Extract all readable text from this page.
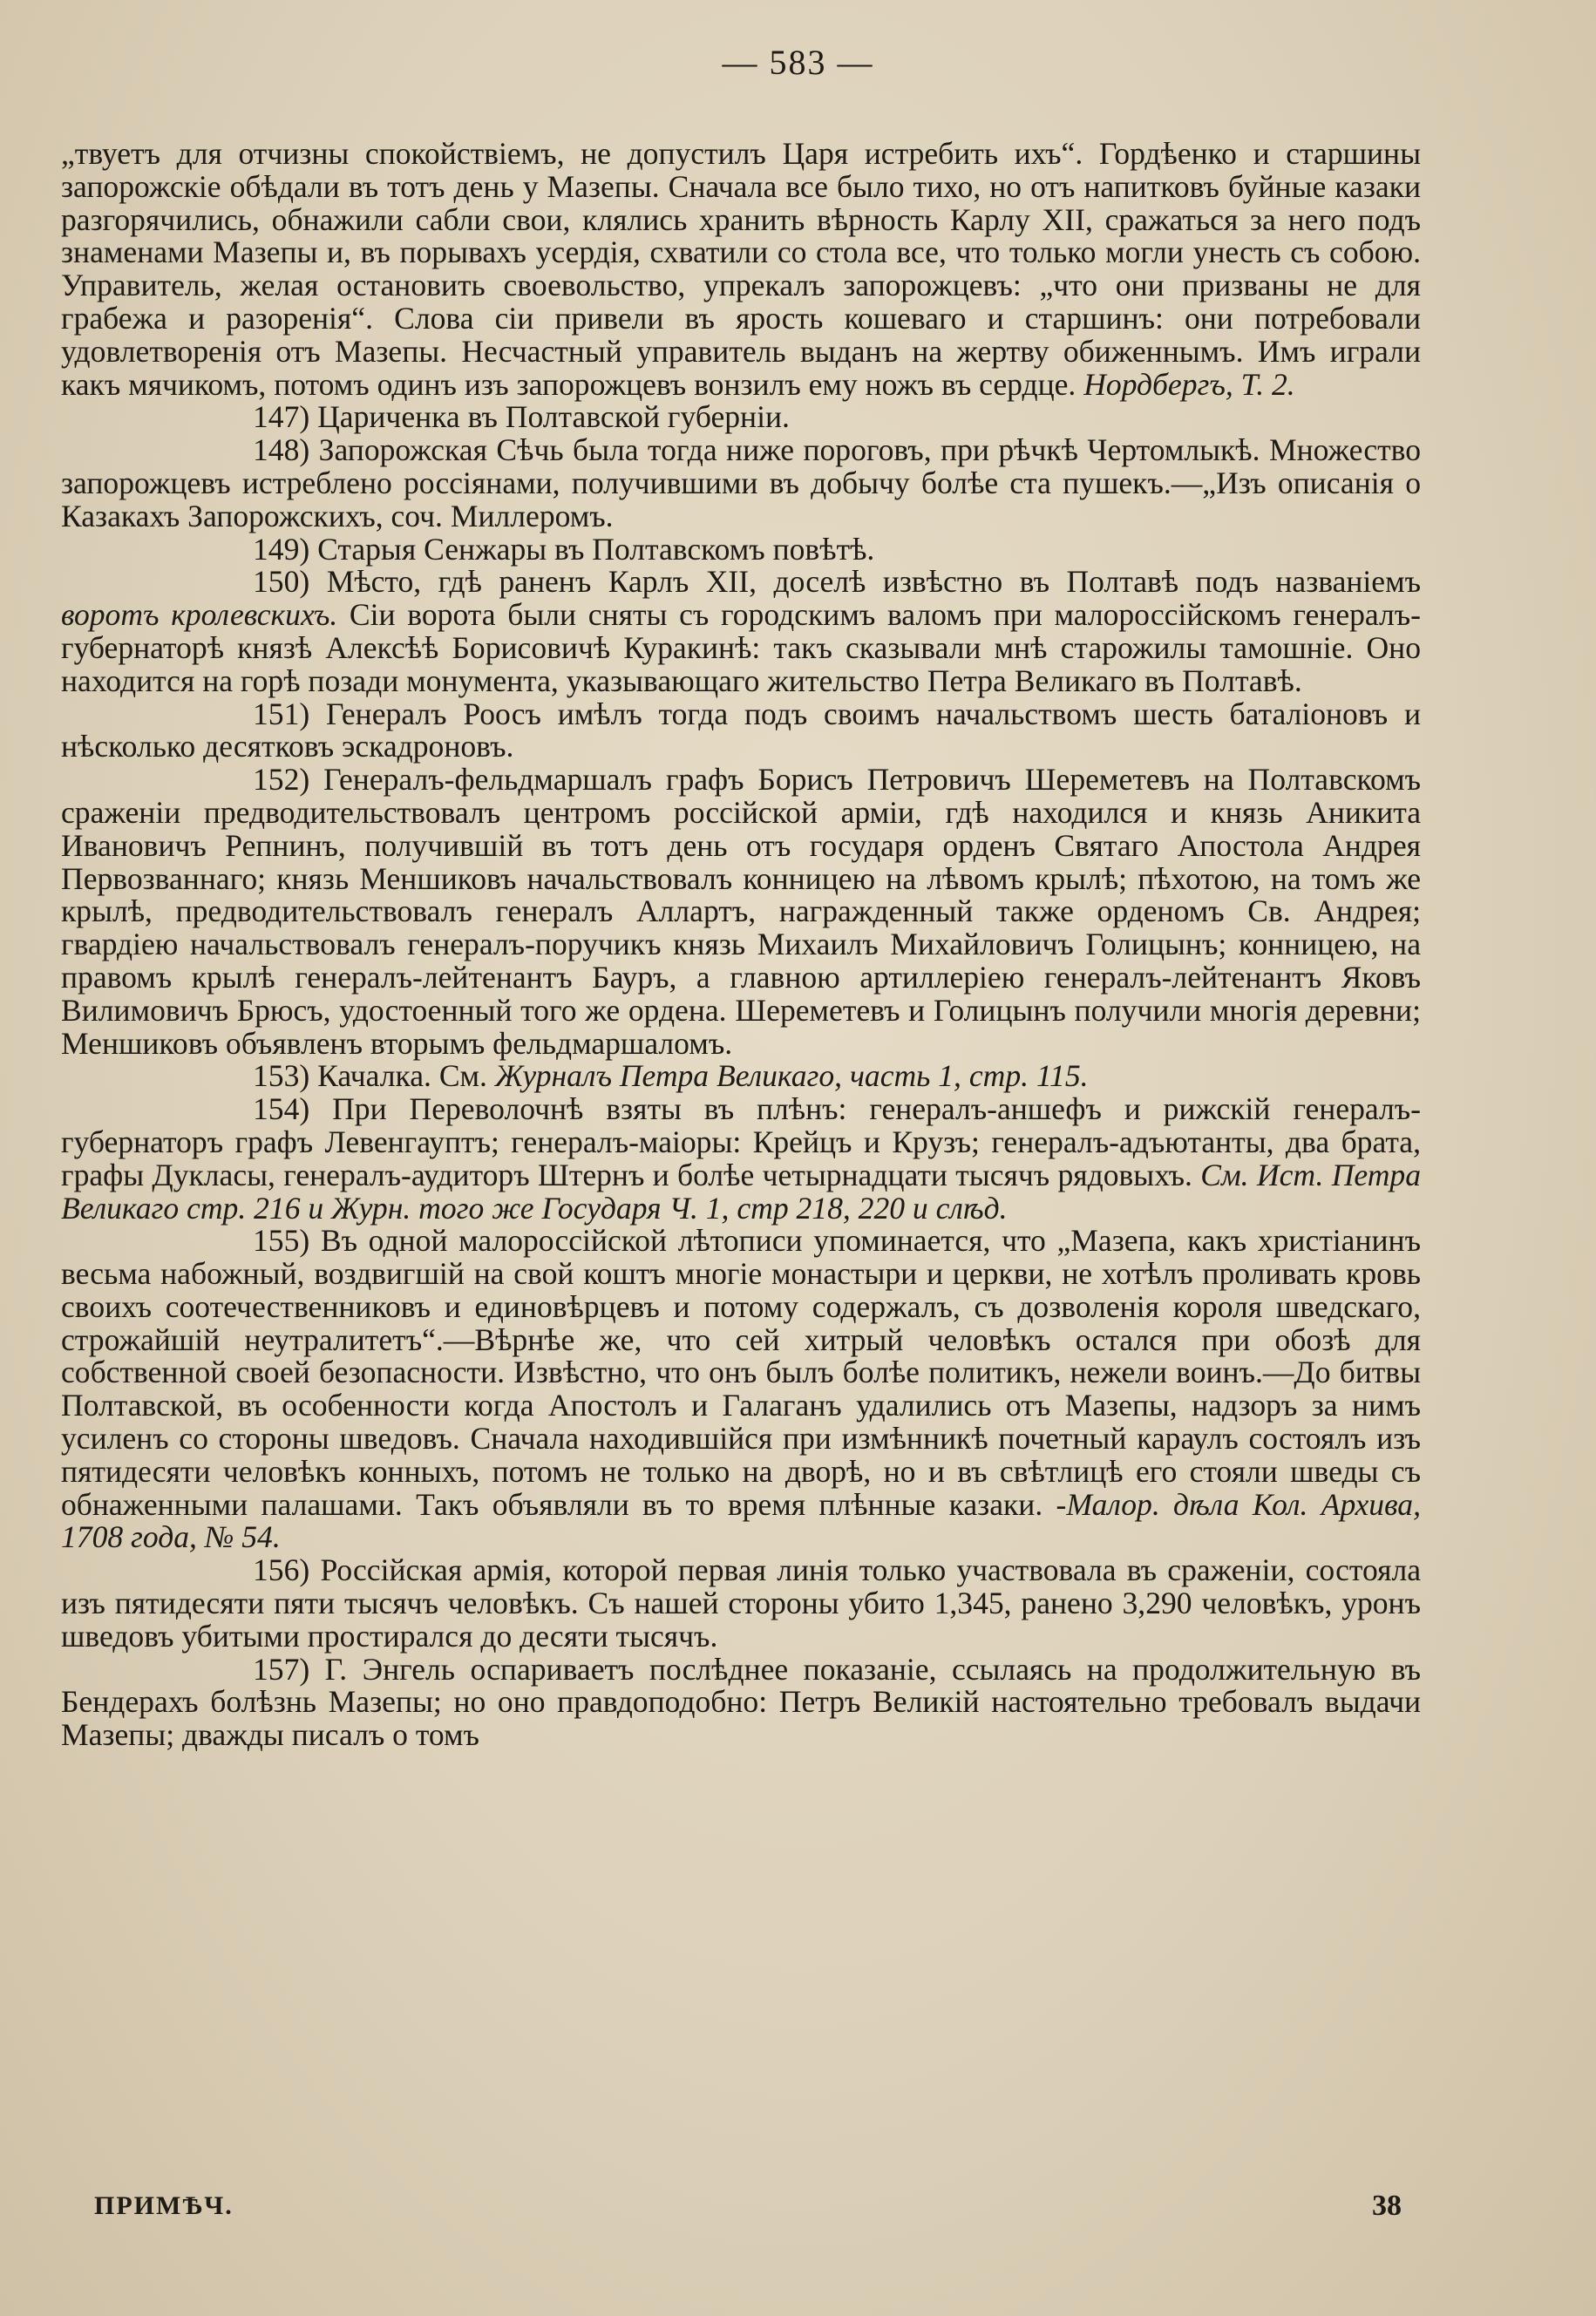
— 583 —

„твуетъ для отчизны спокойствіемъ, не допустилъ Царя истребить ихъ“. Гордѣенко и старшины запорожскіе обѣдали въ тотъ день у Мазепы. Сначала все было тихо, но отъ напитковъ буйные казаки разгорячились, обнажили сабли свои, клялись хранить вѣрность Карлу XII, сражаться за него подъ знаменами Мазепы и, въ порывахъ усердія, схватили со стола все, что только могли унесть съ собою. Управитель, желая остановить своевольство, упрекалъ запорожцевъ: „что они призваны не для грабежа и разоренія“. Слова сіи привели въ ярость кошеваго и старшинъ: они потребовали удовлетворенія отъ Мазепы. Несчастный управитель выданъ на жертву обиженнымъ. Имъ играли какъ мячикомъ, потомъ одинъ изъ запорожцевъ вонзилъ ему ножъ въ сердце. Нордбергъ, Т. 2.

147) Цариченка въ Полтавской губерніи.

148) Запорожская Сѣчь была тогда ниже пороговъ, при рѣчкѣ Чертомлыкѣ. Множество запорожцевъ истреблено россіянами, получившими въ добычу болѣе ста пушекъ.—„Изъ описанія о Казакахъ Запорожскихъ, соч. Миллеромъ.

149) Старыя Сенжары въ Полтавскомъ повѣтѣ.

150) Мѣсто, гдѣ раненъ Карлъ XII, доселѣ извѣстно въ Полтавѣ подъ названіемъ воротъ кролевскихъ. Сіи ворота были сняты съ городскимъ валомъ при малороссійскомъ генералъ-губернаторѣ князѣ Алексѣѣ Борисовичѣ Куракинѣ: такъ сказывали мнѣ старожилы тамошніе. Оно находится на горѣ позади монумента, указывающаго жительство Петра Великаго въ Полтавѣ.

151) Генералъ Роосъ имѣлъ тогда подъ своимъ начальствомъ шесть баталіоновъ и нѣсколько десятковъ эскадроновъ.

152) Генералъ-фельдмаршалъ графъ Борисъ Петровичъ Шереметевъ на Полтавскомъ сраженіи предводительствовалъ центромъ россійской арміи, гдѣ находился и князь Аникита Ивановичъ Репнинъ, получившій въ тотъ день отъ государя орденъ Святаго Апостола Андрея Первозваннаго; князь Меншиковъ начальствовалъ конницею на лѣвомъ крылѣ; пѣхотою, на томъ же крылѣ, предводительствовалъ генералъ Аллартъ, награжденный также орденомъ Св. Андрея; гвардіею начальствовалъ генералъ-поручикъ князь Михаилъ Михайловичъ Голицынъ; конницею, на правомъ крылѣ генералъ-лейтенантъ Бауръ, а главною артиллеріею генералъ-лейтенантъ Яковъ Вилимовичъ Брюсъ, удостоенный того же ордена. Шереметевъ и Голицынъ получили многія деревни; Меншиковъ объявленъ вторымъ фельдмаршаломъ.

153) Качалка. См. Журналъ Петра Великаго, часть 1, стр. 115.

154) При Переволочнѣ взяты въ плѣнъ: генералъ-аншефъ и рижскій генералъ-губернаторъ графъ Левенгауптъ; генералъ-маіоры: Крейцъ и Крузъ; генералъ-адъютанты, два брата, графы Дукласы, генералъ-аудиторъ Штернъ и болѣе четырнадцати тысячъ рядовыхъ. См. Ист. Петра Великаго стр. 216 и Журн. того же Государя Ч. 1, стр 218, 220 и слѣд.

155) Въ одной малороссійской лѣтописи упоминается, что „Мазепа, какъ христіанинъ весьма набожный, воздвигшій на свой коштъ многіе монастыри и церкви, не хотѣлъ проливать кровь своихъ соотечественниковъ и единовѣрцевъ и потому содержалъ, съ дозволенія короля шведскаго, строжайшій неутралитетъ“.—Вѣрнѣе же, что сей хитрый человѣкъ остался при обозѣ для собственной своей безопасности. Извѣстно, что онъ былъ болѣе политикъ, нежели воинъ.—До битвы Полтавской, въ особенности когда Апостолъ и Галаганъ удалились отъ Мазепы, надзоръ за нимъ усиленъ со стороны шведовъ. Сначала находившійся при измѣнникѣ почетный караулъ состоялъ изъ пятидесяти человѣкъ конныхъ, потомъ не только на дворѣ, но и въ свѣтлицѣ его стояли шведы съ обнаженными палашами. Такъ объявляли въ то время плѣнные казаки. -Малор. дѣла Кол. Архива, 1708 года, № 54.

156) Россійская армія, которой первая линія только участвовала въ сраженіи, состояла изъ пятидесяти пяти тысячъ человѣкъ. Съ нашей стороны убито 1,345, ранено 3,290 человѣкъ, уронъ шведовъ убитыми простирался до десяти тысячъ.

157) Г. Энгель оспариваетъ послѣднее показаніе, ссылаясь на продолжительную въ Бендерахъ болѣзнь Мазепы; но оно правдоподобно: Петръ Великій настоятельно требовалъ выдачи Мазепы; дважды писалъ о томъ

ПРИМѢЧ.	38
